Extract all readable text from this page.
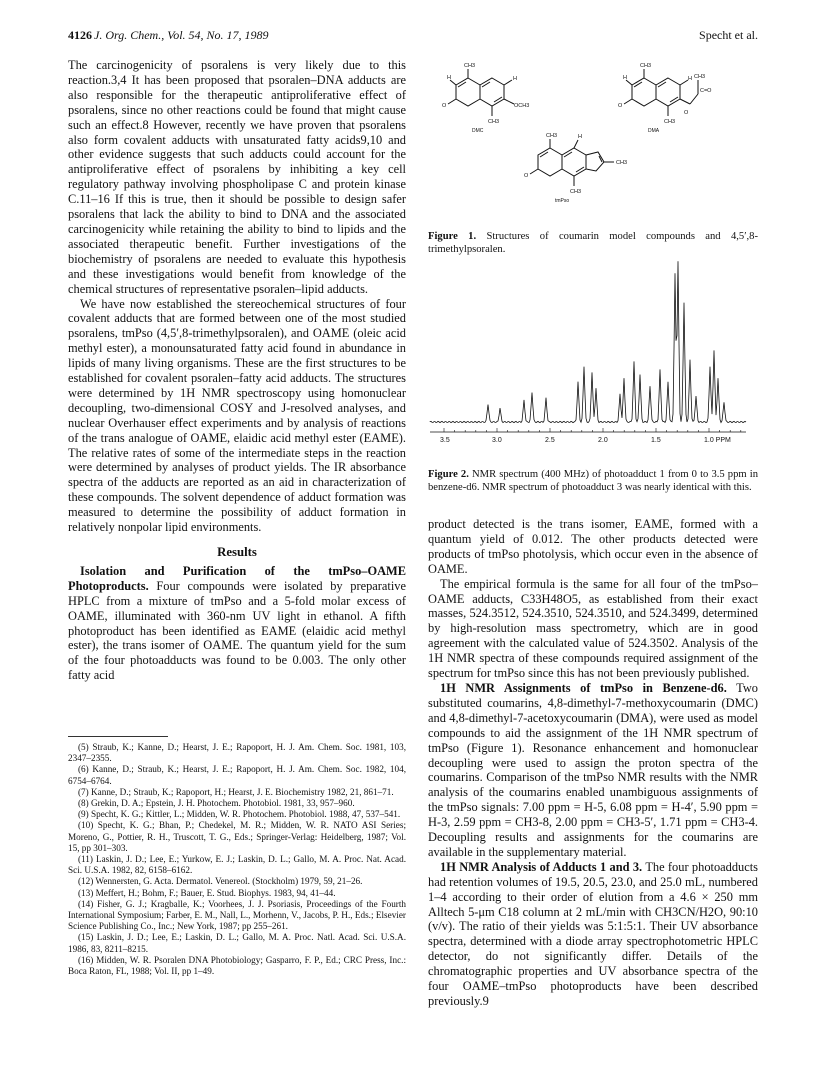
4126 J. Org. Chem., Vol. 54, No. 17, 1989	Specht et al.

The carcinogenicity of psoralens is very likely due to this reaction.3,4 It has been proposed that psoralen–DNA adducts are also responsible for the therapeutic antiproliferative effect of psoralens, since no other reactions could be found that might cause such an effect.8 However, recently we have proven that psoralens also form covalent adducts with unsaturated fatty acids9,10 and other evidence suggests that such adducts could account for the antiproliferative effect of psoralens by inhibiting a key cell regulatory pathway involving phospholipase C and protein kinase C.11–16 If this is true, then it should be possible to design safer psoralens that lack the ability to bind to DNA and the associated carcinogenicity while retaining the ability to bind to lipids and the associated therapeutic benefit. Further investigations of the biochemistry of psoralens are needed to evaluate this hypothesis and these investigations would benefit from knowledge of the chemical structures of representative psoralen–lipid adducts.

We have now established the stereochemical structures of four covalent adducts that are formed between one of the most studied psoralens, tmPso (4,5′,8-trimethylpsoralen), and OAME (oleic acid methyl ester), a monounsaturated fatty acid found in abundance in lipids of many living organisms. These are the first structures to be established for covalent psoralen–fatty acid adducts. The structures were determined by 1H NMR spectroscopy using homonuclear decoupling, two-dimensional COSY and J-resolved analyses, and nuclear Overhauser effect experiments and by analysis of reactions of the trans analogue of OAME, elaidic acid methyl ester (EAME). The relative rates of some of the intermediate steps in the reaction were determined by analyses of product yields. The IR absorbance spectra of the adducts are reported as an aid in characterization of these compounds. The solvent dependence of adduct formation was measured to determine the possibility of adduct formation in relatively nonpolar lipid environments.

Results

Isolation and Purification of the tmPso–OAME Photoproducts. Four compounds were isolated by preparative HPLC from a mixture of tmPso and a 5-fold molar excess of OAME, illuminated with 360-nm UV light in ethanol. A fifth photoproduct has been identified as EAME (elaidic acid methyl ester), the trans isomer of OAME. The quantum yield for the sum of the four photoadducts was found to be 0.003. The only other fatty acid

(5) Straub, K.; Kanne, D.; Hearst, J. E.; Rapoport, H. J. Am. Chem. Soc. 1981, 103, 2347–2355.
(6) Kanne, D.; Straub, K.; Hearst, J. E.; Rapoport, H. J. Am. Chem. Soc. 1982, 104, 6754–6764.
(7) Kanne, D.; Straub, K.; Rapoport, H.; Hearst, J. E. Biochemistry 1982, 21, 861–71.
(8) Grekin, D. A.; Epstein, J. H. Photochem. Photobiol. 1981, 33, 957–960.
(9) Specht, K. G.; Kittler, L.; Midden, W. R. Photochem. Photobiol. 1988, 47, 537–541.
(10) Specht, K. G.; Bhan, P.; Chedekel, M. R.; Midden, W. R. NATO ASI Series; Moreno, G., Pottier, R. H., Truscott, T. G., Eds.; Springer-Verlag: Heidelberg, 1987; Vol. 15, pp 301–303.
(11) Laskin, J. D.; Lee, E.; Yurkow, E. J.; Laskin, D. L.; Gallo, M. A. Proc. Nat. Acad. Sci. U.S.A. 1982, 82, 6158–6162.
(12) Wennersten, G. Acta. Dermatol. Venereol. (Stockholm) 1979, 59, 21–26.
(13) Meffert, H.; Bohm, F.; Bauer, E. Stud. Biophys. 1983, 94, 41–44.
(14) Fisher, G. J.; Kragballe, K.; Voorhees, J. J. Psoriasis, Proceedings of the Fourth International Symposium; Farber, E. M., Nall, L., Morhenn, V., Jacobs, P. H., Eds.; Elsevier Science Publishing Co., Inc.; New York, 1987; pp 255–261.
(15) Laskin, J. D.; Lee, E.; Laskin, D. L.; Gallo, M. A. Proc. Natl. Acad. Sci. U.S.A. 1986, 83, 8211–8215.
(16) Midden, W. R. Psoralen DNA Photobiology; Gasparro, F. P., Ed.; CRC Press, Inc.: Boca Raton, FL, 1988; Vol. II, pp 1–49.
CH3
H	H
O	OCH3
CH3
DMC
CH3
H	H
O
CH3
C=O
CH3
O
DMA
CH3	H
O
CH3
CH3
tmPso
Figure 1. Structures of coumarin model compounds and 4,5′,8-trimethylpsoralen.
3.5	3.0	2.5	2.0	1.5	1.0 PPM
Figure 2. NMR spectrum (400 MHz) of photoadduct 1 from 0 to 3.5 ppm in benzene-d6. NMR spectrum of photoadduct 3 was nearly identical with this.

product detected is the trans isomer, EAME, formed with a quantum yield of 0.012. The other products detected were products of tmPso photolysis, which occur even in the absence of OAME.

The empirical formula is the same for all four of the tmPso–OAME adducts, C33H48O5, as established from their exact masses, 524.3512, 524.3510, 524.3510, and 524.3499, determined by high-resolution mass spectrometry, which are in good agreement with the calculated value of 524.3502. Analysis of the 1H NMR spectra of these compounds required assignment of the spectrum for tmPso since this has not been previously published.

1H NMR Assignments of tmPso in Benzene-d6. Two substituted coumarins, 4,8-dimethyl-7-methoxycoumarin (DMC) and 4,8-dimethyl-7-acetoxycoumarin (DMA), were used as model compounds to aid the assignment of the 1H NMR spectrum of tmPso (Figure 1). Resonance enhancement and homonuclear decoupling were used to assign the proton spectra of the coumarins. Comparison of the tmPso NMR results with the NMR analysis of the coumarins enabled unambiguous assignments of the tmPso signals: 7.00 ppm = H-5, 6.08 ppm = H-4′, 5.90 ppm = H-3, 2.59 ppm = CH3-8, 2.00 ppm = CH3-5′, 1.71 ppm = CH3-4. Decoupling results and assignments for the coumarins are available in the supplementary material.

1H NMR Analysis of Adducts 1 and 3. The four photoadducts had retention volumes of 19.5, 20.5, 23.0, and 25.0 mL, numbered 1–4 according to their order of elution from a 4.6 × 250 mm Alltech 5-μm C18 column at 2 mL/min with CH3CN/H2O, 90:10 (v/v). The ratio of their yields was 5:1:5:1. Their UV absorbance spectra, determined with a diode array spectrophotometric HPLC detector, do not significantly differ. Details of the chromatographic properties and UV absorbance spectra of the four OAME–tmPso photoproducts have been described previously.9
